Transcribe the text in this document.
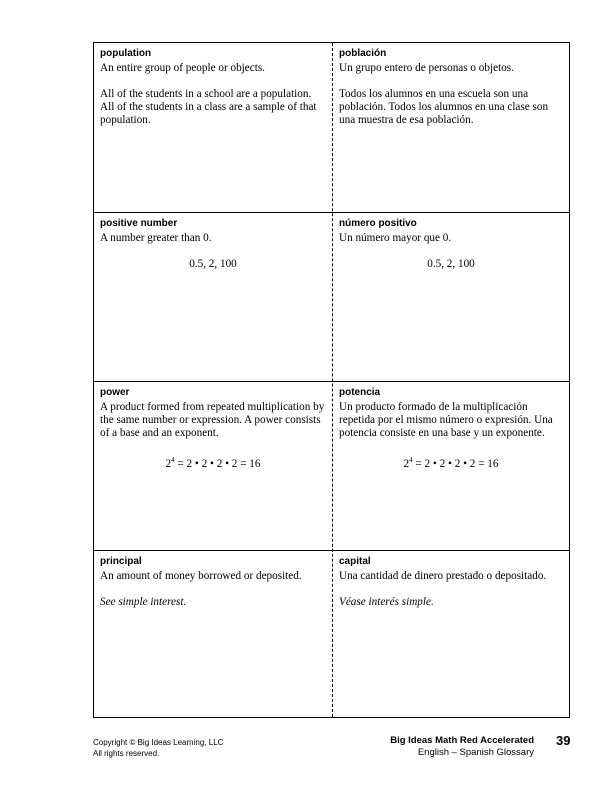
population

An entire group of people or objects.

All of the students in a school are a population. All of the students in a class are a sample of that population.

población

Un grupo entero de personas o objetos.

Todos los alumnos en una escuela son una población. Todos los alumnos en una clase son una muestra de esa población.

positive number

A number greater than 0.

0.5, 2, 100

número positivo

Un número mayor que 0.

0.5, 2, 100

power

A product formed from repeated multiplication by the same number or expression. A power consists of a base and an exponent.

$2^4 = 2$ • 2 • 2 • 2 = 16

potencia

Un producto formado de la multiplicación repetida por el mismo número o expresión. Una potencia consiste en una base y un exponente.

$2^4 = 2$ • 2 • 2 • 2 = 16

principal

An amount of money borrowed or deposited.

See simple interest.

capital

Una cantidad de dinero prestado o depositado.

Véase interés simple.

Copyright © Big Ideas Learning, LLC
All rights reserved.
Big Ideas Math Red Accelerated
English – Spanish Glossary
39
